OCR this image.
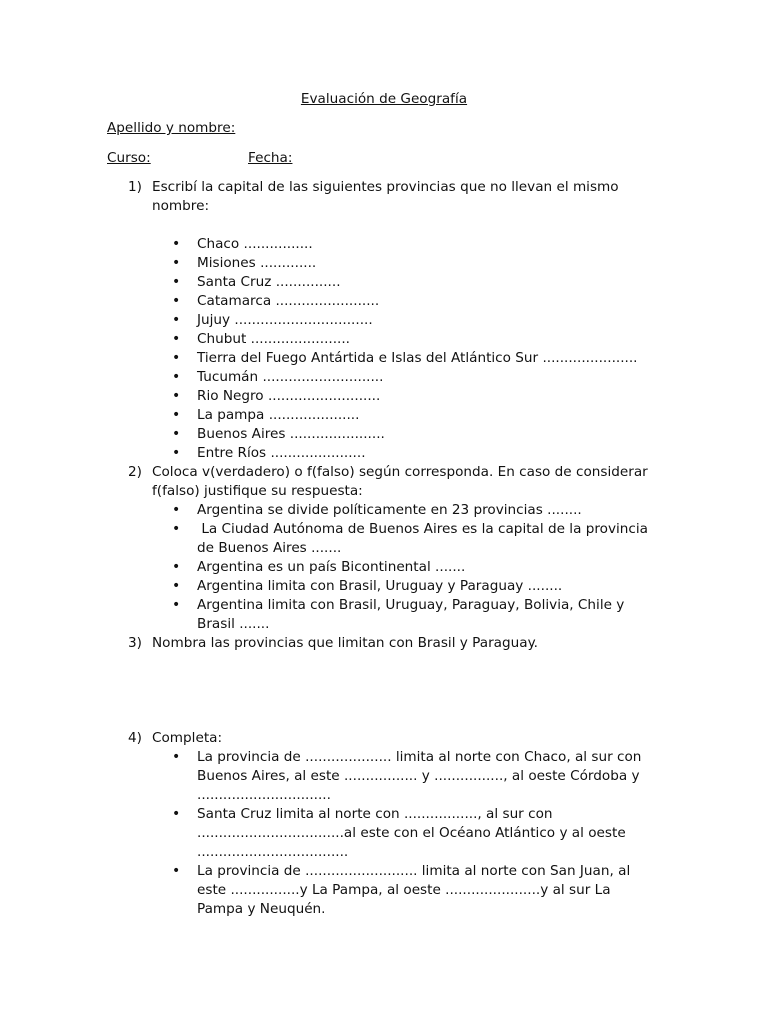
Evaluación de Geografía
Apellido y nombre:
Curso:	Fecha:
1) Escribí la capital de las siguientes provincias que no llevan el mismo
nombre:
• Chaco ................
• Misiones .............
• Santa Cruz ...............
• Catamarca ........................
• Jujuy ................................
• Chubut .......................
• Tierra del Fuego Antártida e Islas del Atlántico Sur ......................
• Tucumán ............................
• Rio Negro ..........................
• La pampa .....................
• Buenos Aires ......................
• Entre Ríos ......................
2) Coloca v(verdadero) o f(falso) según corresponda. En caso de considerar
f(falso) justifique su respuesta:
• Argentina se divide políticamente en 23 provincias ........
• La Ciudad Autónoma de Buenos Aires es la capital de la provincia
de Buenos Aires .......
• Argentina es un país Bicontinental .......
• Argentina limita con Brasil, Uruguay y Paraguay ........
• Argentina limita con Brasil, Uruguay, Paraguay, Bolivia, Chile y
Brasil .......
3) Nombra las provincias que limitan con Brasil y Paraguay.
4) Completa:
• La provincia de .................... limita al norte con Chaco, al sur con
Buenos Aires, al este ................. y ................, al oeste Córdoba y
...............................
• Santa Cruz limita al norte con ................., al sur con
..................................al este con el Océano Atlántico y al oeste
...................................
• La provincia de .......................... limita al norte con San Juan, al
este ................y La Pampa, al oeste ......................y al sur La
Pampa y Neuquén.
